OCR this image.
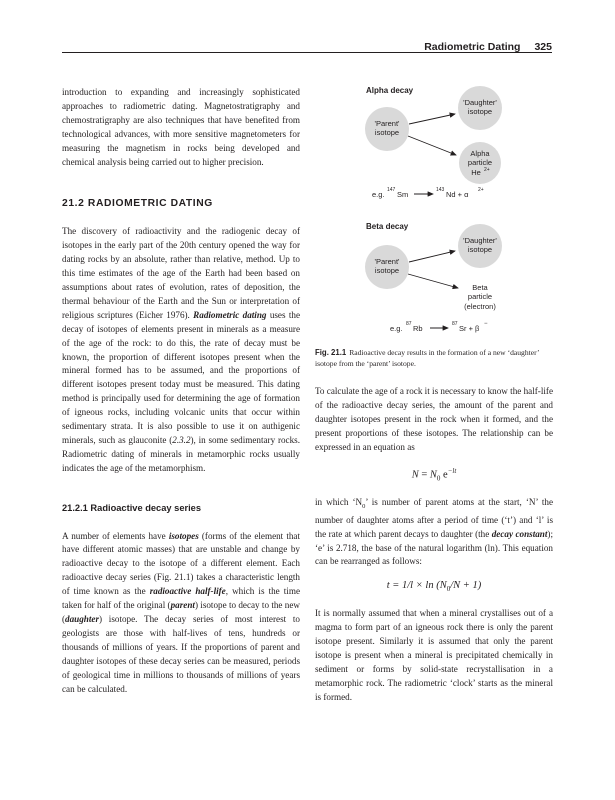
Radiometric Dating 325

introduction to expanding and increasingly sophisticated approaches to radiometric dating. Magnetostratigraphy and chemostratigraphy are also techniques that have benefited from technological advances, with more sensitive magnetometers for measuring the magnetism in rocks being developed and chemical analysis being carried out to higher precision.

21.2 RADIOMETRIC DATING

The discovery of radioactivity and the radiogenic decay of isotopes in the early part of the 20th century opened the way for dating rocks by an absolute, rather than relative, method. Up to this time estimates of the age of the Earth had been based on assumptions about rates of evolution, rates of deposition, the thermal behaviour of the Earth and the Sun or interpretation of religious scriptures (Eicher 1976). Radiometric dating uses the decay of isotopes of elements present in minerals as a measure of the age of the rock: to do this, the rate of decay must be known, the proportion of different isotopes present when the mineral formed has to be assumed, and the proportions of different isotopes present today must be measured. This dating method is principally used for determining the age of formation of igneous rocks, including volcanic units that occur within sedimentary strata. It is also possible to use it on authigenic minerals, such as glauconite (2.3.2), in some sedimentary rocks. Radiometric dating of minerals in metamorphic rocks usually indicates the age of the metamorphism.

21.2.1 Radioactive decay series

A number of elements have isotopes (forms of the element that have different atomic masses) that are unstable and change by radioactive decay to the isotope of a different element. Each radioactive decay series (Fig. 21.1) takes a characteristic length of time known as the radioactive half-life, which is the time taken for half of the original (parent) isotope to decay to the new (daughter) isotope. The decay series of most interest to geologists are those with half-lives of tens, hundreds or thousands of millions of years. If the proportions of parent and daughter isotopes of these decay series can be measured, periods of geological time in millions to thousands of millions of years can be calculated.

Alpha decay
'Parent'
isotope
'Daughter'
isotope
Alpha
particle
He 2+
e.g. 147 Sm	143 Nd + α 2+
Beta decay
'Parent'
isotope
'Daughter'
isotope
Beta
particle
(electron)
e.g. 87 Rb	87 Sr + β −
Fig. 21.1 Radioactive decay results in the formation of a new ‘daughter’ isotope from the ‘parent’ isotope.

To calculate the age of a rock it is necessary to know the half-life of the radioactive decay series, the amount of the parent and daughter isotopes present in the rock when it formed, and the present proportions of these isotopes. The relationship can be expressed in an equation as

$N = N_0$ $e^{-lt}$

in which ‘$N_0$’ is number of parent atoms at the start, ‘N’ the number of daughter atoms after a period of time (‘t’) and ‘l’ is the rate at which parent decays to daughter (the decay constant); ‘e’ is 2.718, the base of the natural logarithm (ln). This equation can be rearranged as follows:

$t = 1/l \times \ln (N_0/N + 1)$

It is normally assumed that when a mineral crystallises out of a magma to form part of an igneous rock there is only the parent isotope present. Similarly it is assumed that only the parent isotope is present when a mineral is precipitated chemically in sediment or forms by solid-state recrystallisation in a metamorphic rock. The radiometric ‘clock’ starts as the mineral is formed.
